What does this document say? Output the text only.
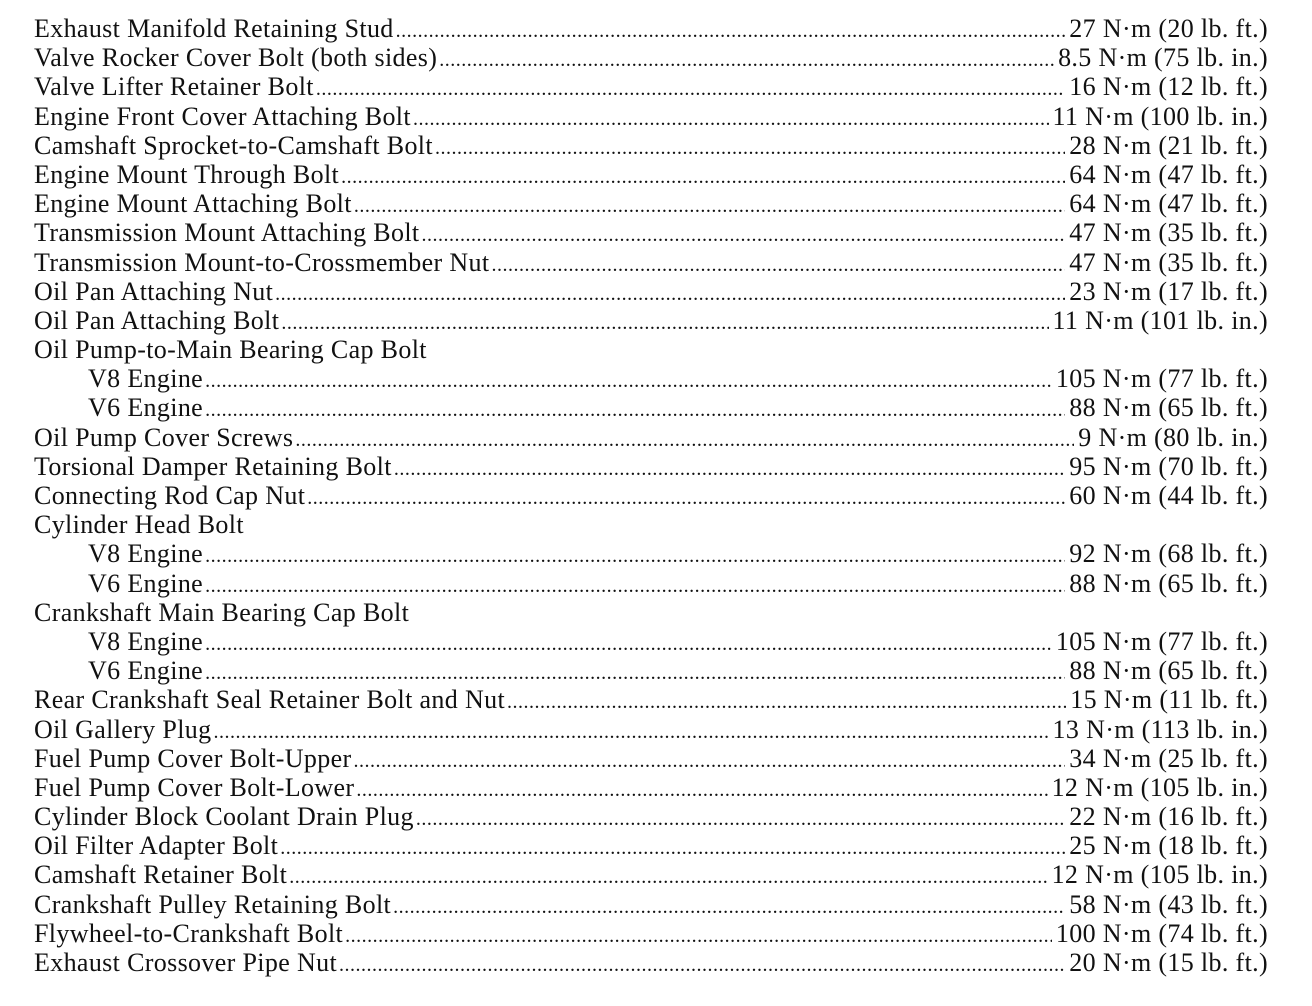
Exhaust Manifold Retaining Stud .....	27 N·m (20 lb. ft.)
Valve Rocker Cover Bolt (both sides) .....	8.5 N·m (75 lb. in.)
Valve Lifter Retainer Bolt .....	16 N·m (12 lb. ft.)
Engine Front Cover Attaching Bolt .....	11 N·m (100 lb. in.)
Camshaft Sprocket-to-Camshaft Bolt .....	28 N·m (21 lb. ft.)
Engine Mount Through Bolt .....	64 N·m (47 lb. ft.)
Engine Mount Attaching Bolt .....	64 N·m (47 lb. ft.)
Transmission Mount Attaching Bolt .....	47 N·m (35 lb. ft.)
Transmission Mount-to-Crossmember Nut .....	47 N·m (35 lb. ft.)
Oil Pan Attaching Nut .....	23 N·m (17 lb. ft.)
Oil Pan Attaching Bolt .....	11 N·m (101 lb. in.)
Oil Pump-to-Main Bearing Cap Bolt
V8 Engine .....	105 N·m (77 lb. ft.)
V6 Engine .....	88 N·m (65 lb. ft.)
Oil Pump Cover Screws .....	9 N·m (80 lb. in.)
Torsional Damper Retaining Bolt .....	95 N·m (70 lb. ft.)
Connecting Rod Cap Nut .....	60 N·m (44 lb. ft.)
Cylinder Head Bolt
V8 Engine .....	92 N·m (68 lb. ft.)
V6 Engine .....	88 N·m (65 lb. ft.)
Crankshaft Main Bearing Cap Bolt
V8 Engine .....	105 N·m (77 lb. ft.)
V6 Engine .....	88 N·m (65 lb. ft.)
Rear Crankshaft Seal Retainer Bolt and Nut .....	15 N·m (11 lb. ft.)
Oil Gallery Plug .....	13 N·m (113 lb. in.)
Fuel Pump Cover Bolt-Upper .....	34 N·m (25 lb. ft.)
Fuel Pump Cover Bolt-Lower .....	12 N·m (105 lb. in.)
Cylinder Block Coolant Drain Plug .....	22 N·m (16 lb. ft.)
Oil Filter Adapter Bolt .....	25 N·m (18 lb. ft.)
Camshaft Retainer Bolt .....	12 N·m (105 lb. in.)
Crankshaft Pulley Retaining Bolt .....	58 N·m (43 lb. ft.)
Flywheel-to-Crankshaft Bolt .....	100 N·m (74 lb. ft.)
Exhaust Crossover Pipe Nut .....	20 N·m (15 lb. ft.)
